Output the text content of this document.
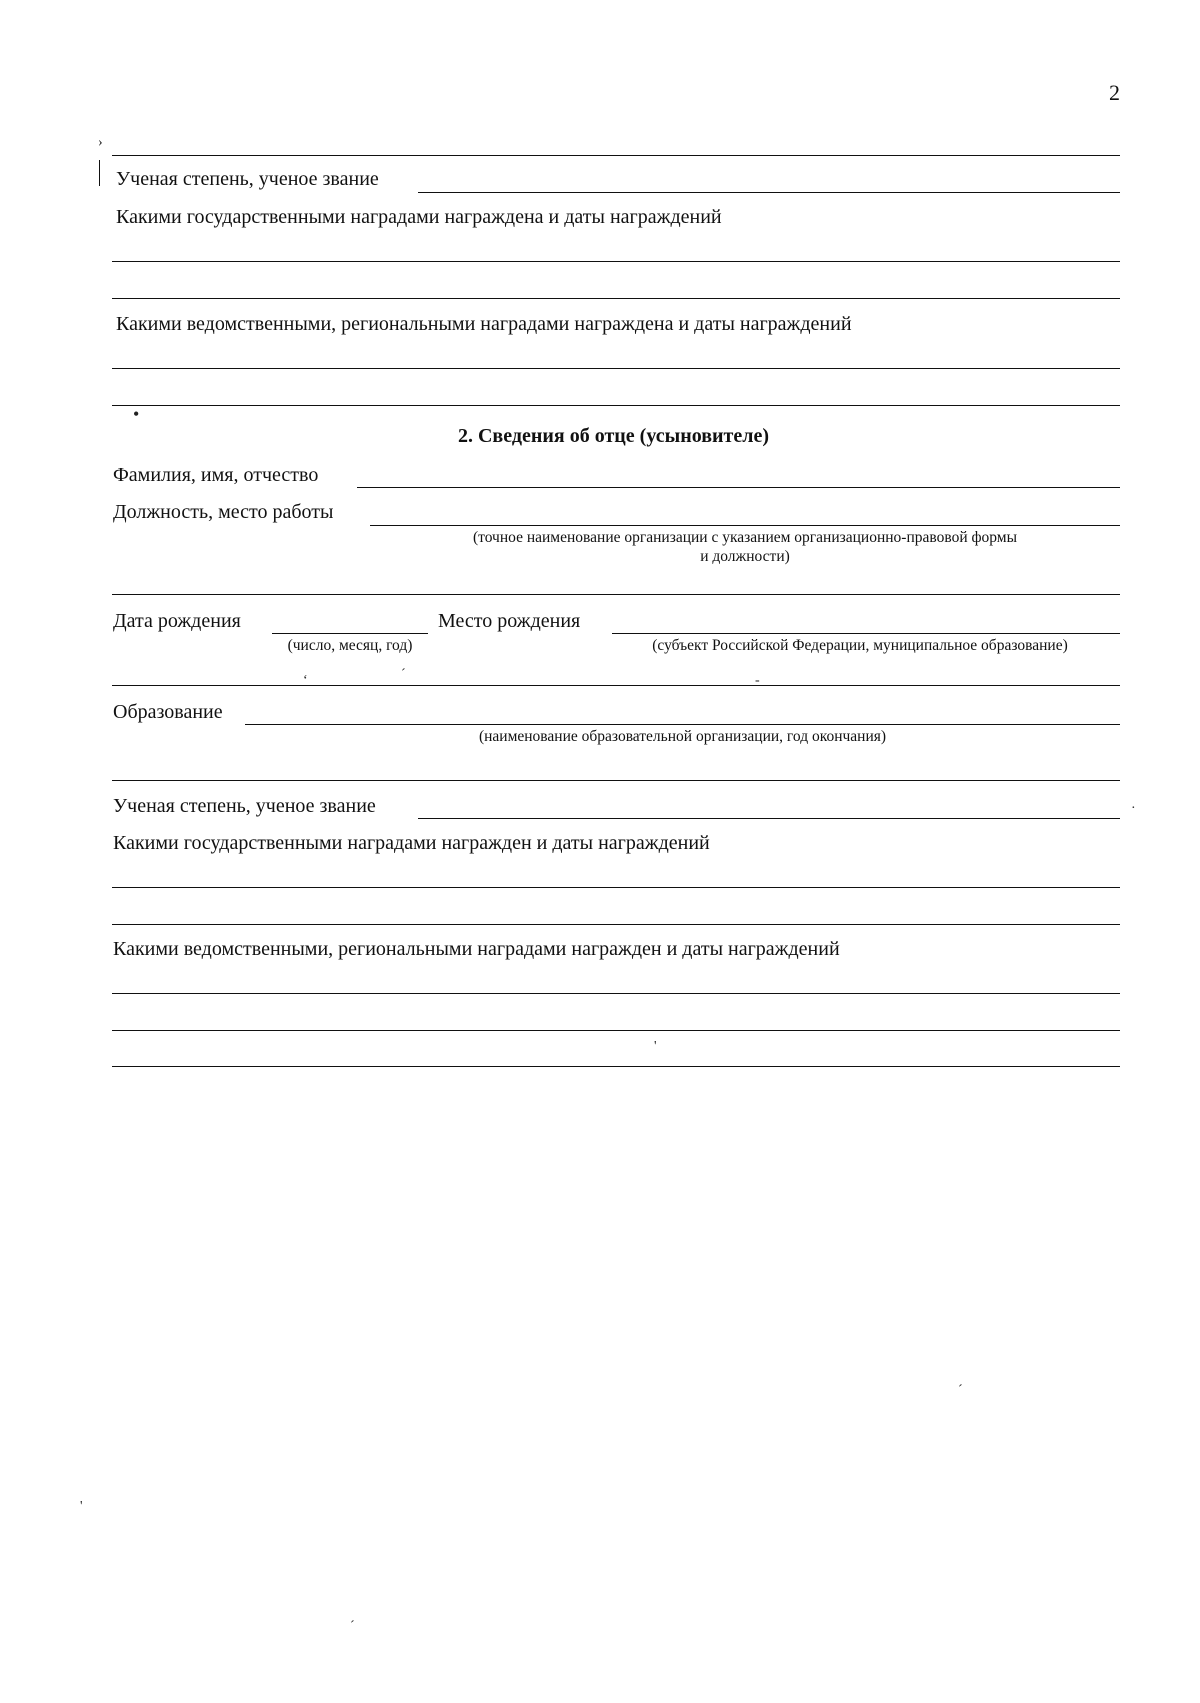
2
›
Ученая степень, ученое звание
Какими государственными наградами награждена и даты награждений
Какими ведомственными, региональными наградами награждена и даты награждений
•
2. Сведения об отце (усыновителе)
Фамилия, имя, отчество
Должность, место работы
(точное наименование организации с указанием организационно-правовой формы
и должности)
Дата рождения
(число, месяц, год)
Место рождения
(субъект Российской Федерации, муниципальное образование)
‘	ˊ	-
Образование
(наименование образовательной организации, год окончания)
Ученая степень, ученое звание	·
Какими государственными наградами награжден и даты награждений
Какими ведомственными, региональными наградами награжден и даты награждений
'
ˊ
'
ˊ
